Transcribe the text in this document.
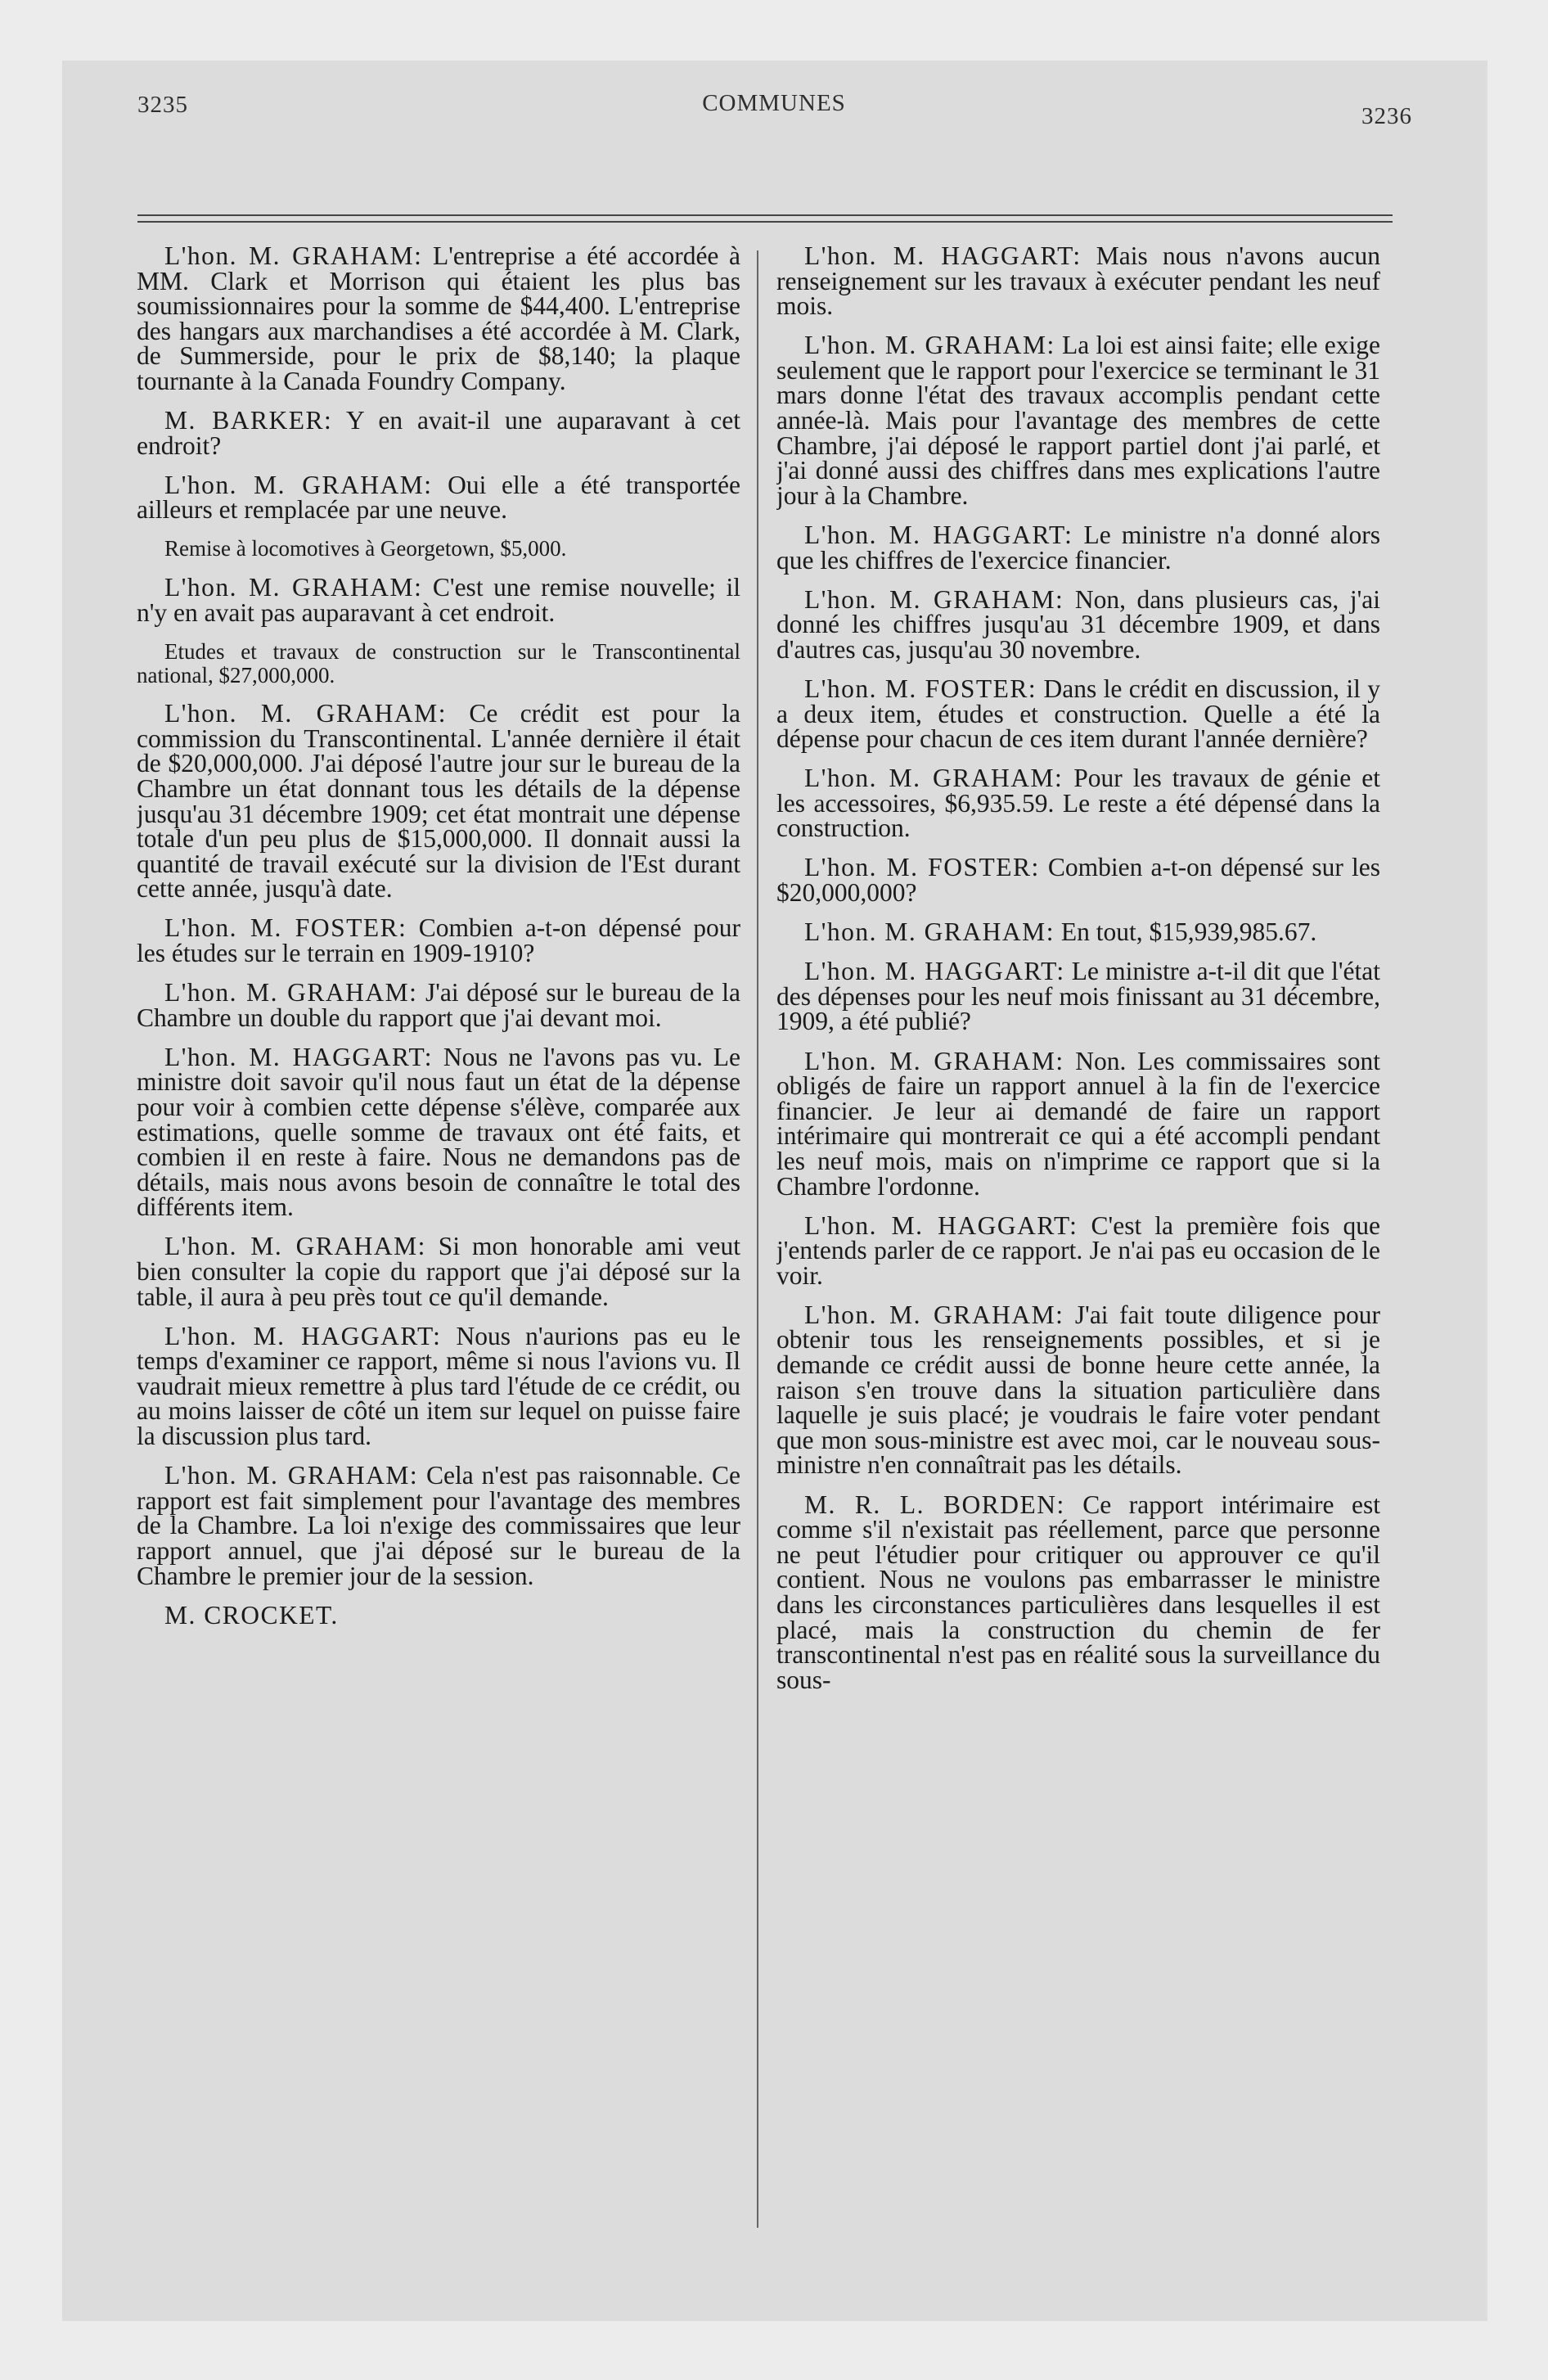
3235	COMMUNES	3236

L'hon. M. GRAHAM: L'entreprise a été accordée à MM. Clark et Morrison qui étaient les plus bas soumissionnaires pour la somme de $44,400. L'entreprise des hangars aux marchandises a été accordée à M. Clark, de Summerside, pour le prix de $8,140; la plaque tournante à la Canada Foundry Company.

M. BARKER: Y en avait-il une auparavant à cet endroit?

L'hon. M. GRAHAM: Oui elle a été transportée ailleurs et remplacée par une neuve.

Remise à locomotives à Georgetown, $5,000.

L'hon. M. GRAHAM: C'est une remise nouvelle; il n'y en avait pas auparavant à cet endroit.

Etudes et travaux de construction sur le Transcontinental national, $27,000,000.

L'hon. M. GRAHAM: Ce crédit est pour la commission du Transcontinental. L'année dernière il était de $20,000,000. J'ai déposé l'autre jour sur le bureau de la Chambre un état donnant tous les détails de la dépense jusqu'au 31 décembre 1909; cet état montrait une dépense totale d'un peu plus de $15,000,000. Il donnait aussi la quantité de travail exécuté sur la division de l'Est durant cette année, jusqu'à date.

L'hon. M. FOSTER: Combien a-t-on dépensé pour les études sur le terrain en 1909-1910?

L'hon. M. GRAHAM: J'ai déposé sur le bureau de la Chambre un double du rapport que j'ai devant moi.

L'hon. M. HAGGART: Nous ne l'avons pas vu. Le ministre doit savoir qu'il nous faut un état de la dépense pour voir à combien cette dépense s'élève, comparée aux estimations, quelle somme de travaux ont été faits, et combien il en reste à faire. Nous ne demandons pas de détails, mais nous avons besoin de connaître le total des différents item.

L'hon. M. GRAHAM: Si mon honorable ami veut bien consulter la copie du rapport que j'ai déposé sur la table, il aura à peu près tout ce qu'il demande.

L'hon. M. HAGGART: Nous n'aurions pas eu le temps d'examiner ce rapport, même si nous l'avions vu. Il vaudrait mieux remettre à plus tard l'étude de ce crédit, ou au moins laisser de côté un item sur lequel on puisse faire la discussion plus tard.

L'hon. M. GRAHAM: Cela n'est pas raisonnable. Ce rapport est fait simplement pour l'avantage des membres de la Chambre. La loi n'exige des commissaires que leur rapport annuel, que j'ai déposé sur le bureau de la Chambre le premier jour de la session.

M. CROCKET.

L'hon. M. HAGGART: Mais nous n'avons aucun renseignement sur les travaux à exécuter pendant les neuf mois.

L'hon. M. GRAHAM: La loi est ainsi faite; elle exige seulement que le rapport pour l'exercice se terminant le 31 mars donne l'état des travaux accomplis pendant cette année-là. Mais pour l'avantage des membres de cette Chambre, j'ai déposé le rapport partiel dont j'ai parlé, et j'ai donné aussi des chiffres dans mes explications l'autre jour à la Chambre.

L'hon. M. HAGGART: Le ministre n'a donné alors que les chiffres de l'exercice financier.

L'hon. M. GRAHAM: Non, dans plusieurs cas, j'ai donné les chiffres jusqu'au 31 décembre 1909, et dans d'autres cas, jusqu'au 30 novembre.

L'hon. M. FOSTER: Dans le crédit en discussion, il y a deux item, études et construction. Quelle a été la dépense pour chacun de ces item durant l'année dernière?

L'hon. M. GRAHAM: Pour les travaux de génie et les accessoires, $6,935.59. Le reste a été dépensé dans la construction.

L'hon. M. FOSTER: Combien a-t-on dépensé sur les $20,000,000?

L'hon. M. GRAHAM: En tout, $15,939,985.67.

L'hon. M. HAGGART: Le ministre a-t-il dit que l'état des dépenses pour les neuf mois finissant au 31 décembre, 1909, a été publié?

L'hon. M. GRAHAM: Non. Les commissaires sont obligés de faire un rapport annuel à la fin de l'exercice financier. Je leur ai demandé de faire un rapport intérimaire qui montrerait ce qui a été accompli pendant les neuf mois, mais on n'imprime ce rapport que si la Chambre l'ordonne.

L'hon. M. HAGGART: C'est la première fois que j'entends parler de ce rapport. Je n'ai pas eu occasion de le voir.

L'hon. M. GRAHAM: J'ai fait toute diligence pour obtenir tous les renseignements possibles, et si je demande ce crédit aussi de bonne heure cette année, la raison s'en trouve dans la situation particulière dans laquelle je suis placé; je voudrais le faire voter pendant que mon sous-ministre est avec moi, car le nouveau sous-ministre n'en connaîtrait pas les détails.

M. R. L. BORDEN: Ce rapport intérimaire est comme s'il n'existait pas réellement, parce que personne ne peut l'étudier pour critiquer ou approuver ce qu'il contient. Nous ne voulons pas embarrasser le ministre dans les circonstances particulières dans lesquelles il est placé, mais la construction du chemin de fer transcontinental n'est pas en réalité sous la surveillance du sous-
